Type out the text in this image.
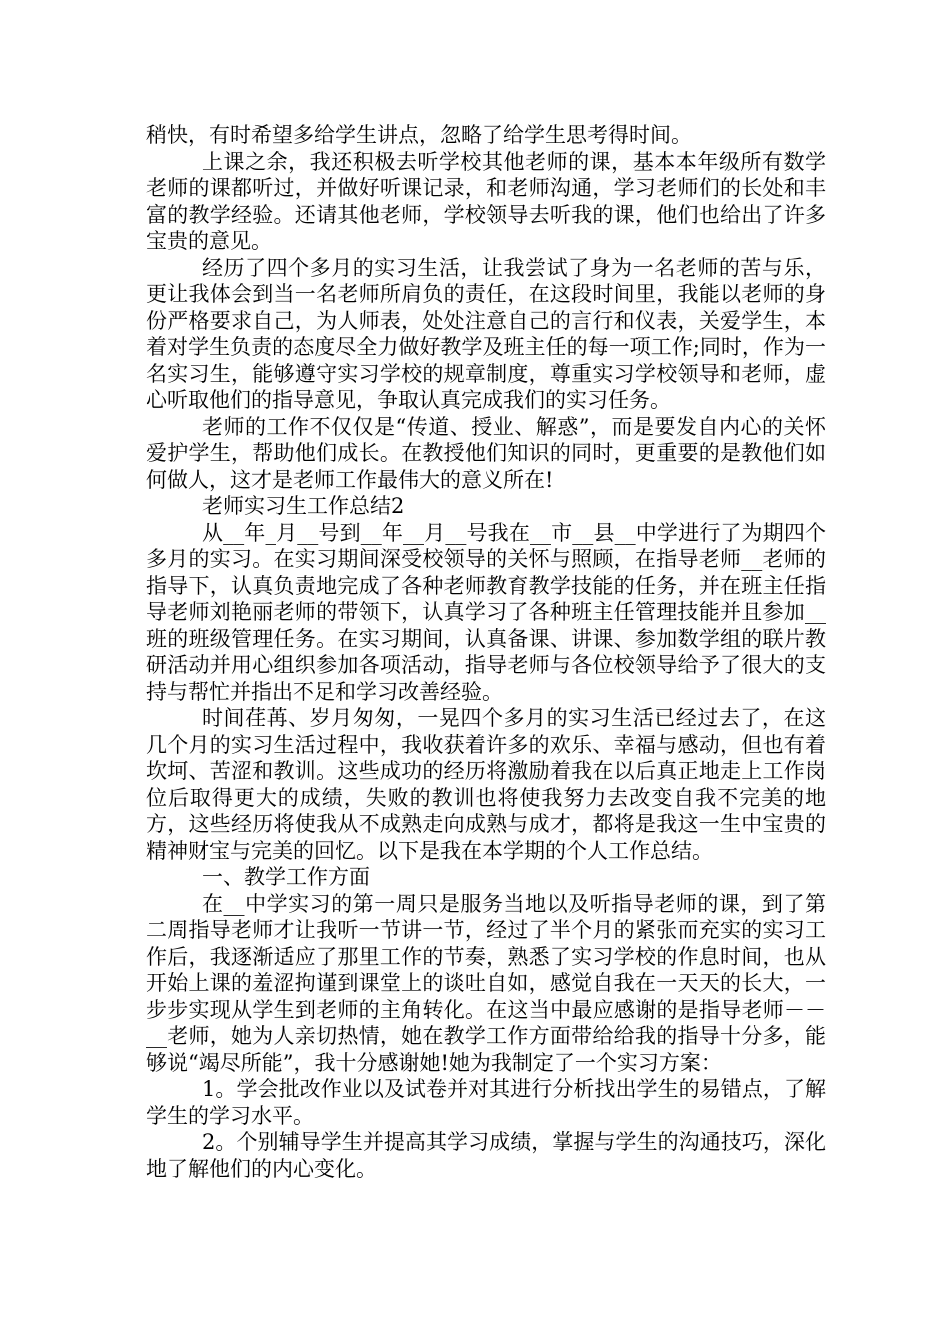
稍快，有时希望多给学生讲点，忽略了给学生思考得时间。

上课之余，我还积极去听学校其他老师的课，基本本年级所有数学老师的课都听过，并做好听课记录，和老师沟通，学习老师们的长处和丰富的教学经验。还请其他老师，学校领导去听我的课，他们也给出了许多宝贵的意见。

经历了四个多月的实习生活，让我尝试了身为一名老师的苦与乐，更让我体会到当一名老师所肩负的责任，在这段时间里，我能以老师的身份严格要求自己，为人师表，处处注意自己的言行和仪表，关爱学生，本着对学生负责的态度尽全力做好教学及班主任的每一项工作;同时，作为一名实习生，能够遵守实习学校的规章制度，尊重实习学校领导和老师，虚心听取他们的指导意见，争取认真完成我们的实习任务。

老师的工作不仅仅是“传道、授业、解惑”，而是要发自内心的关怀爱护学生，帮助他们成长。在教授他们知识的同时，更重要的是教他们如何做人，这才是老师工作最伟大的意义所在!

老师实习生工作总结2

从__年_月__号到__年__月__号我在__市__县__中学进行了为期四个多月的实习。在实习期间深受校领导的关怀与照顾，在指导老师__老师的指导下，认真负责地完成了各种老师教育教学技能的任务，并在班主任指导老师刘艳丽老师的带领下，认真学习了各种班主任管理技能并且参加__班的班级管理任务。在实习期间，认真备课、讲课、参加数学组的联片教研活动并用心组织参加各项活动，指导老师与各位校领导给予了很大的支持与帮忙并指出不足和学习改善经验。

时间荏苒、岁月匆匆，一晃四个多月的实习生活已经过去了，在这几个月的实习生活过程中，我收获着许多的欢乐、幸福与感动，但也有着坎坷、苦涩和教训。这些成功的经历将激励着我在以后真正地走上工作岗位后取得更大的成绩，失败的教训也将使我努力去改变自我不完美的地方，这些经历将使我从不成熟走向成熟与成才，都将是我这一生中宝贵的精神财宝与完美的回忆。以下是我在本学期的个人工作总结。

一、教学工作方面

在__中学实习的第一周只是服务当地以及听指导老师的课，到了第二周指导老师才让我听一节讲一节，经过了半个月的紧张而充实的实习工作后，我逐渐适应了那里工作的节奏，熟悉了实习学校的作息时间，也从开始上课的羞涩拘谨到课堂上的谈吐自如，感觉自我在一天天的长大，一步步实现从学生到老师的主角转化。在这当中最应感谢的是指导老师－－__老师，她为人亲切热情，她在教学工作方面带给给我的指导十分多，能够说“竭尽所能”，我十分感谢她!她为我制定了一个实习方案：

1。学会批改作业以及试卷并对其进行分析找出学生的易错点，了解学生的学习水平。

2。个别辅导学生并提高其学习成绩，掌握与学生的沟通技巧，深化地了解他们的内心变化。
